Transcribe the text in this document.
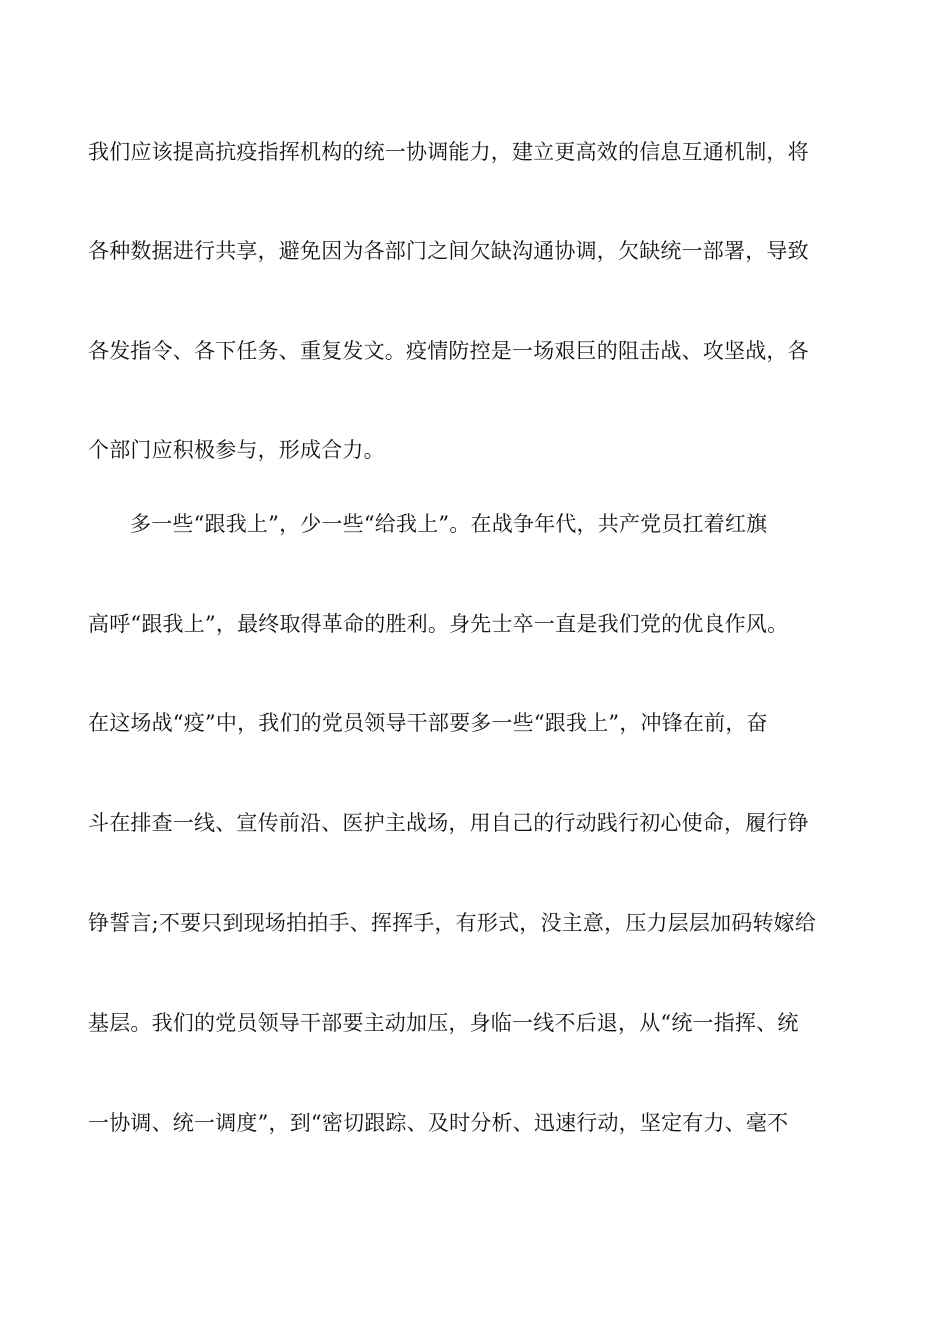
我们应该提高抗疫指挥机构的统一协调能力，建立更高效的信息互通机制，将
各种数据进行共享，避免因为各部门之间欠缺沟通协调，欠缺统一部署，导致
各发指令、各下任务、重复发文。疫情防控是一场艰巨的阻击战、攻坚战，各
个部门应积极参与，形成合力。
多一些“跟我上”，少一些“给我上”。在战争年代，共产党员扛着红旗
高呼“跟我上”，最终取得革命的胜利。身先士卒一直是我们党的优良作风。
在这场战“疫”中，我们的党员领导干部要多一些“跟我上”，冲锋在前，奋
斗在排查一线、宣传前沿、医护主战场，用自己的行动践行初心使命，履行铮
铮誓言;不要只到现场拍拍手、挥挥手，有形式，没主意，压力层层加码转嫁给
基层。我们的党员领导干部要主动加压，身临一线不后退，从“统一指挥、统
一协调、统一调度”，到“密切跟踪、及时分析、迅速行动，坚定有力、毫不
